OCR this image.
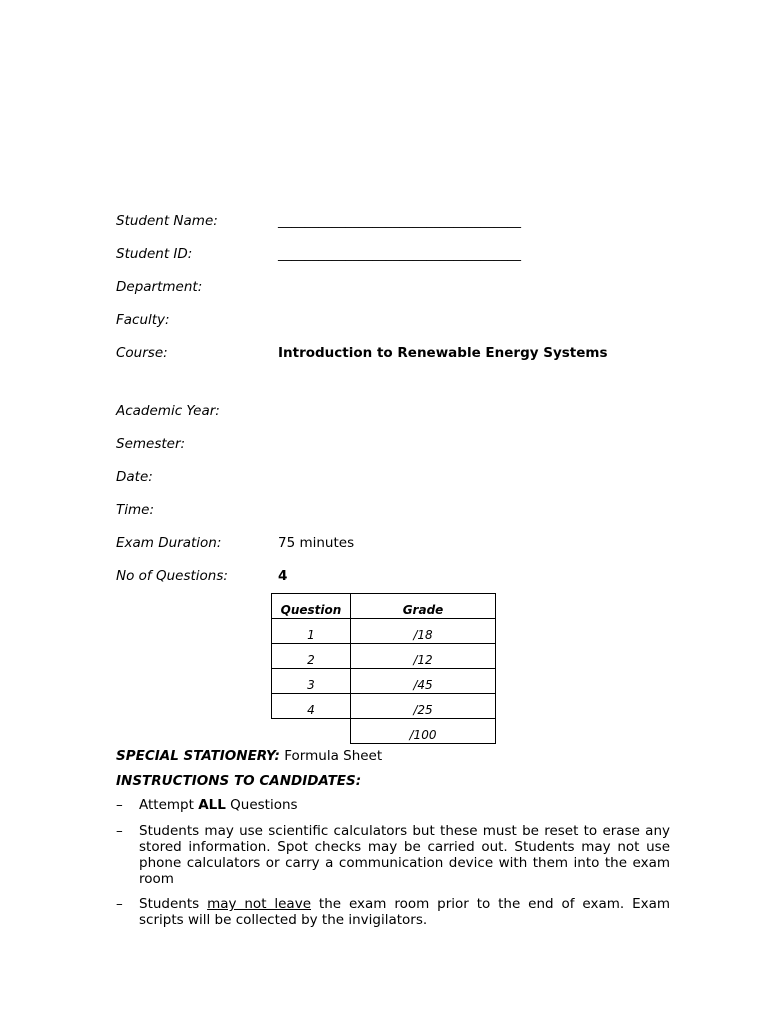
Student Name:	____________________________________
Student ID:	____________________________________
Department:
Faculty:
Course:	Introduction to Renewable Energy Systems
Academic Year:
Semester:
Date:
Time:
Exam Duration:	75 minutes
No of Questions:	4
Question	Grade
1	/18
2	/12
3	/45
4	/25
	/100
SPECIAL STATIONERY: Formula Sheet
INSTRUCTIONS TO CANDIDATES:
– Attempt ALL Questions
– Students may use scientific calculators but these must be reset to erase any stored information. Spot checks may be carried out. Students may not use phone calculators or carry a communication device with them into the exam room
– Students may not leave the exam room prior to the end of exam. Exam scripts will be collected by the invigilators.
